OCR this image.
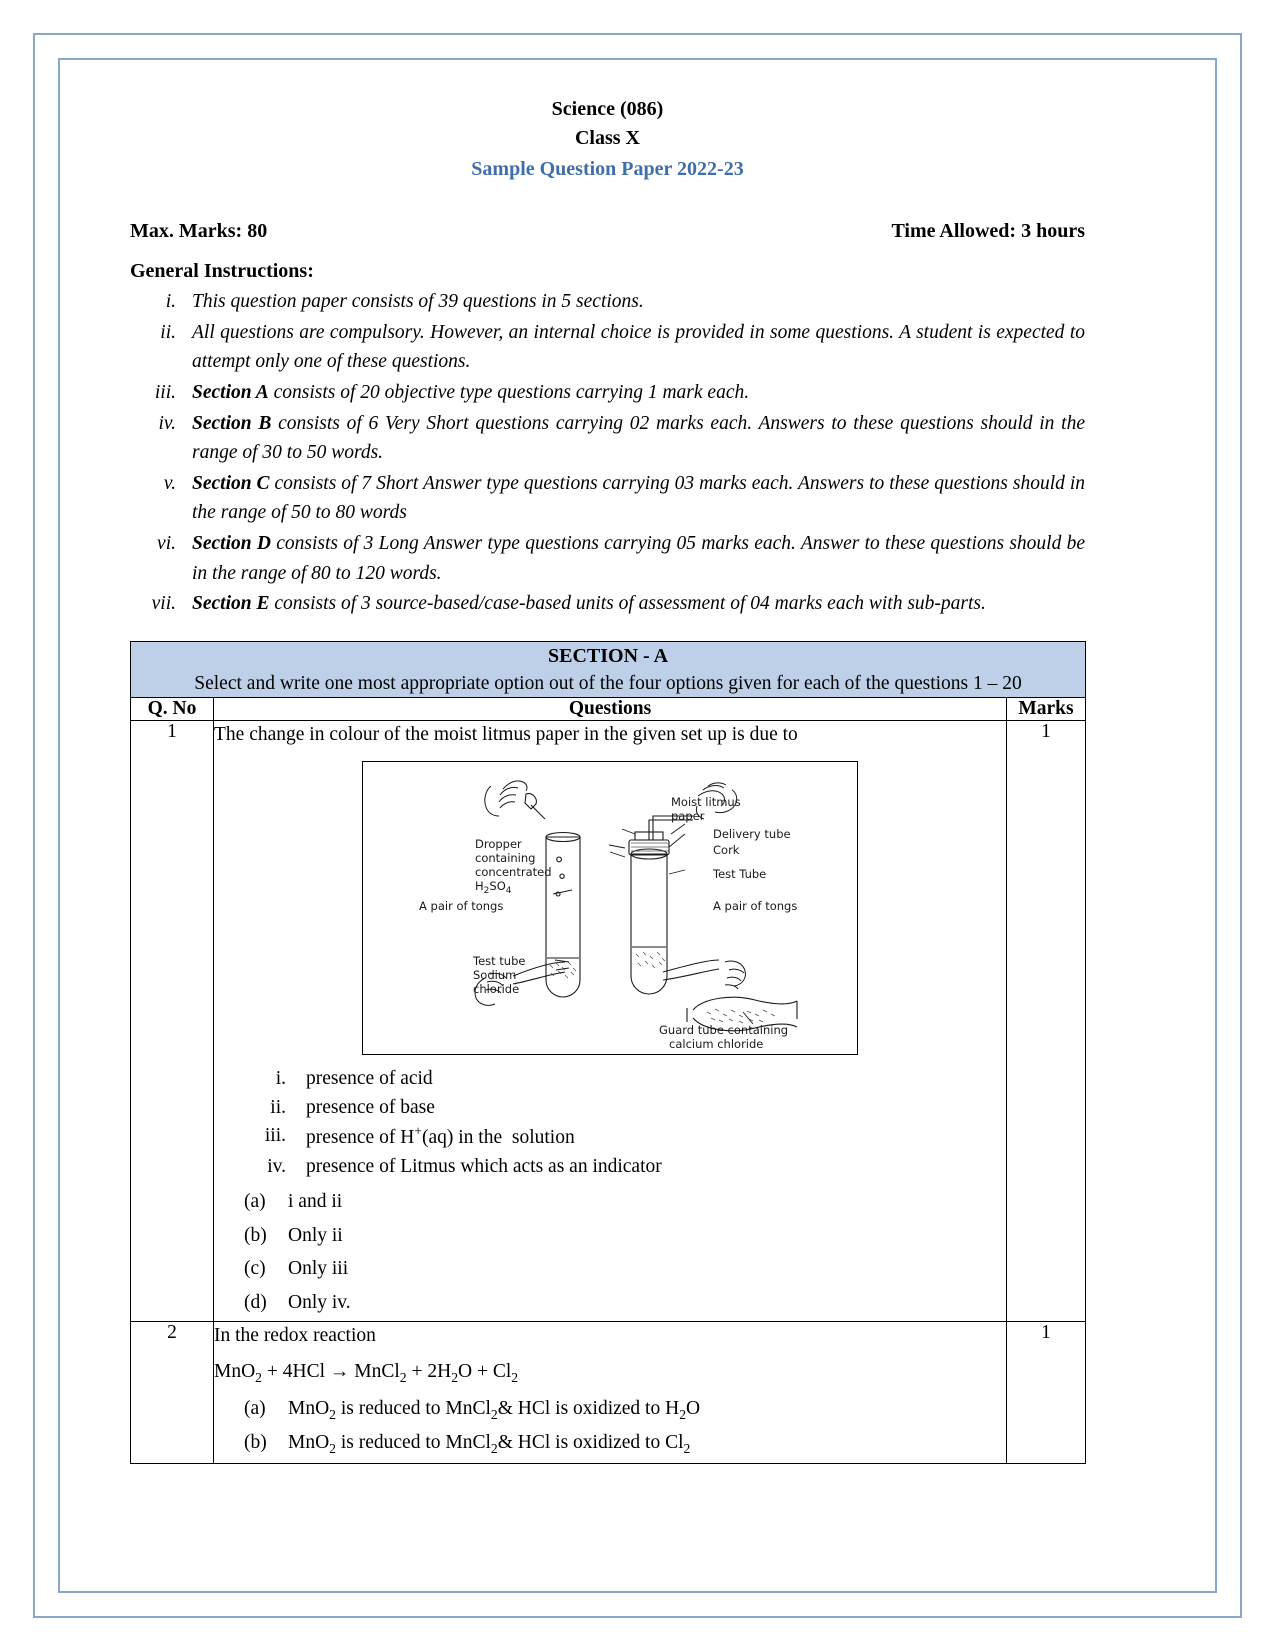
Science (086)
Class X
Sample Question Paper 2022-23
Max. Marks: 80	Time Allowed: 3 hours
General Instructions:
i. This question paper consists of 39 questions in 5 sections.
ii. All questions are compulsory. However, an internal choice is provided in some questions. A student is expected to attempt only one of these questions.
iii. Section A consists of 20 objective type questions carrying 1 mark each.
iv. Section B consists of 6 Very Short questions carrying 02 marks each. Answers to these questions should in the range of 30 to 50 words.
v. Section C consists of 7 Short Answer type questions carrying 03 marks each. Answers to these questions should in the range of 50 to 80 words
vi. Section D consists of 3 Long Answer type questions carrying 05 marks each. Answer to these questions should be in the range of 80 to 120 words.
vii. Section E consists of 3 source-based/case-based units of assessment of 04 marks each with sub-parts.
SECTION - A
Select and write one most appropriate option out of the four options given for each of the questions 1 – 20		

Q. No	Questions	Marks
1	The change in colour of the moist litmus paper in the given set up is due to
Moist litmus
paper
Delivery tube
Cork
Dropper
containing
concentrated
$H_2SO_4$
A pair of tongs
Test Tube
A pair of tongs
Test tube
Sodium
chloride
Guard tube containing
calcium chloride
i. presence of acid
ii. presence of base
iii. presence of H+(aq) in the  solution
iv. presence of Litmus which acts as an indicator
(a)	i and ii
(b)	Only ii
(c)	Only iii
(d)	Only iv.
	1
2	In the redox reaction
MnO$_2$ + 4HCl → MnCl$_2$ + $2H_2O + Cl_2$
(a)	MnO$_2$ is reduced to MnCl$_2$& HCl is oxidized to $H_2O$
(b)	MnO$_2$ is reduced to MnCl$_2$& HCl is oxidized to $Cl_2$
	1
